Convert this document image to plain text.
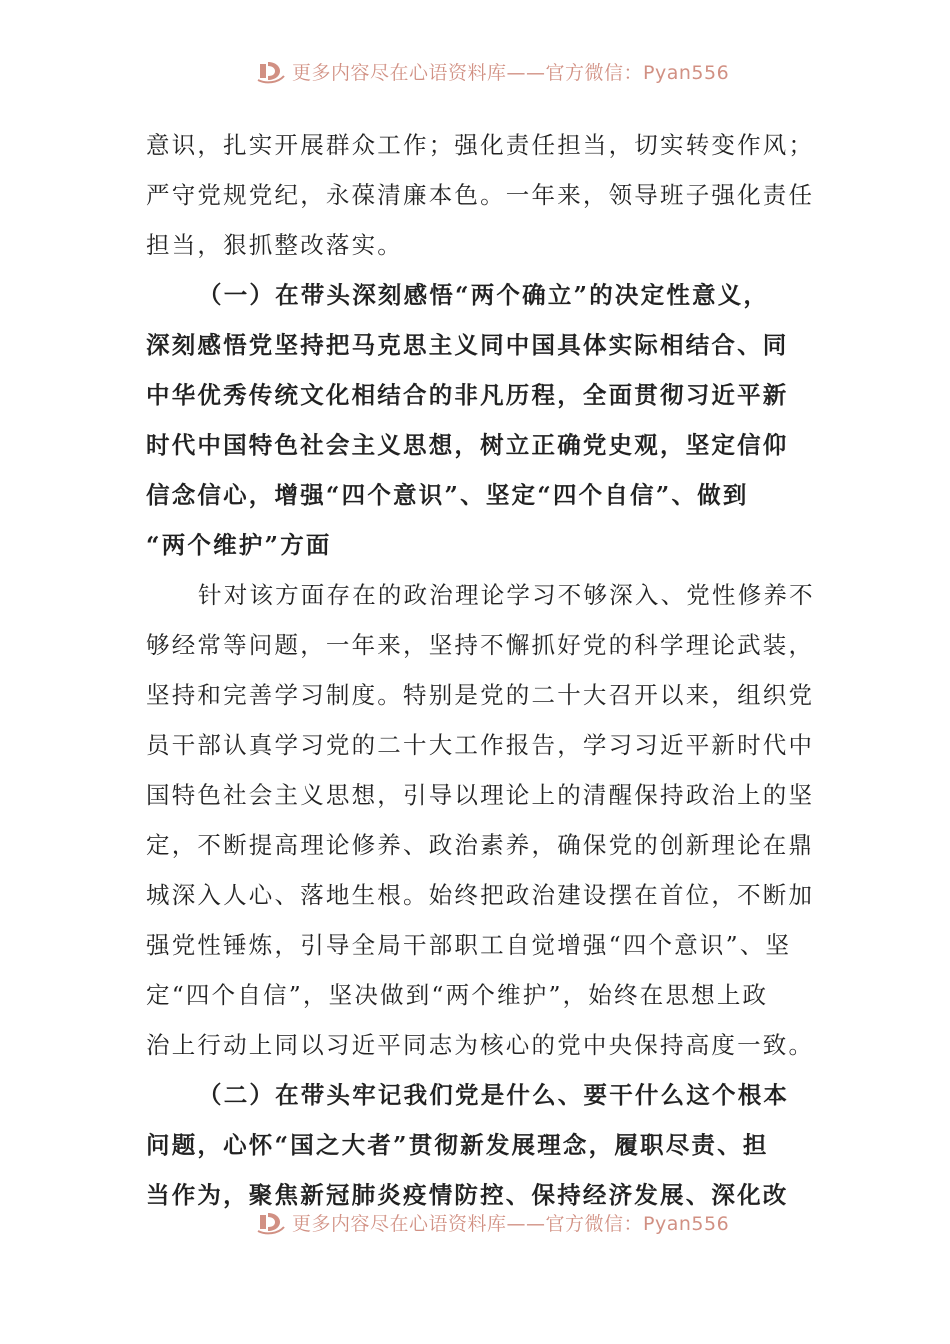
更多内容尽在心语资料库——官方微信：Pyan556
意识，扎实开展群众工作；强化责任担当，切实转变作风；
严守党规党纪，永葆清廉本色。一年来，领导班子强化责任
担当，狠抓整改落实。
（一）在带头深刻感悟“两个确立”的决定性意义，
深刻感悟党坚持把马克思主义同中国具体实际相结合、同
中华优秀传统文化相结合的非凡历程，全面贯彻习近平新
时代中国特色社会主义思想，树立正确党史观，坚定信仰
信念信心，增强“四个意识”、坚定“四个自信”、做到
“两个维护”方面
针对该方面存在的政治理论学习不够深入、党性修养不
够经常等问题，一年来，坚持不懈抓好党的科学理论武装，
坚持和完善学习制度。特别是党的二十大召开以来，组织党
员干部认真学习党的二十大工作报告，学习习近平新时代中
国特色社会主义思想，引导以理论上的清醒保持政治上的坚
定，不断提高理论修养、政治素养，确保党的创新理论在鼎
城深入人心、落地生根。始终把政治建设摆在首位，不断加
强党性锤炼，引导全局干部职工自觉增强“四个意识”、坚
定“四个自信”，坚决做到“两个维护”，始终在思想上政
治上行动上同以习近平同志为核心的党中央保持高度一致。
（二）在带头牢记我们党是什么、要干什么这个根本
问题，心怀“国之大者”贯彻新发展理念，履职尽责、担
当作为，聚焦新冠肺炎疫情防控、保持经济发展、深化改
更多内容尽在心语资料库——官方微信：Pyan556
